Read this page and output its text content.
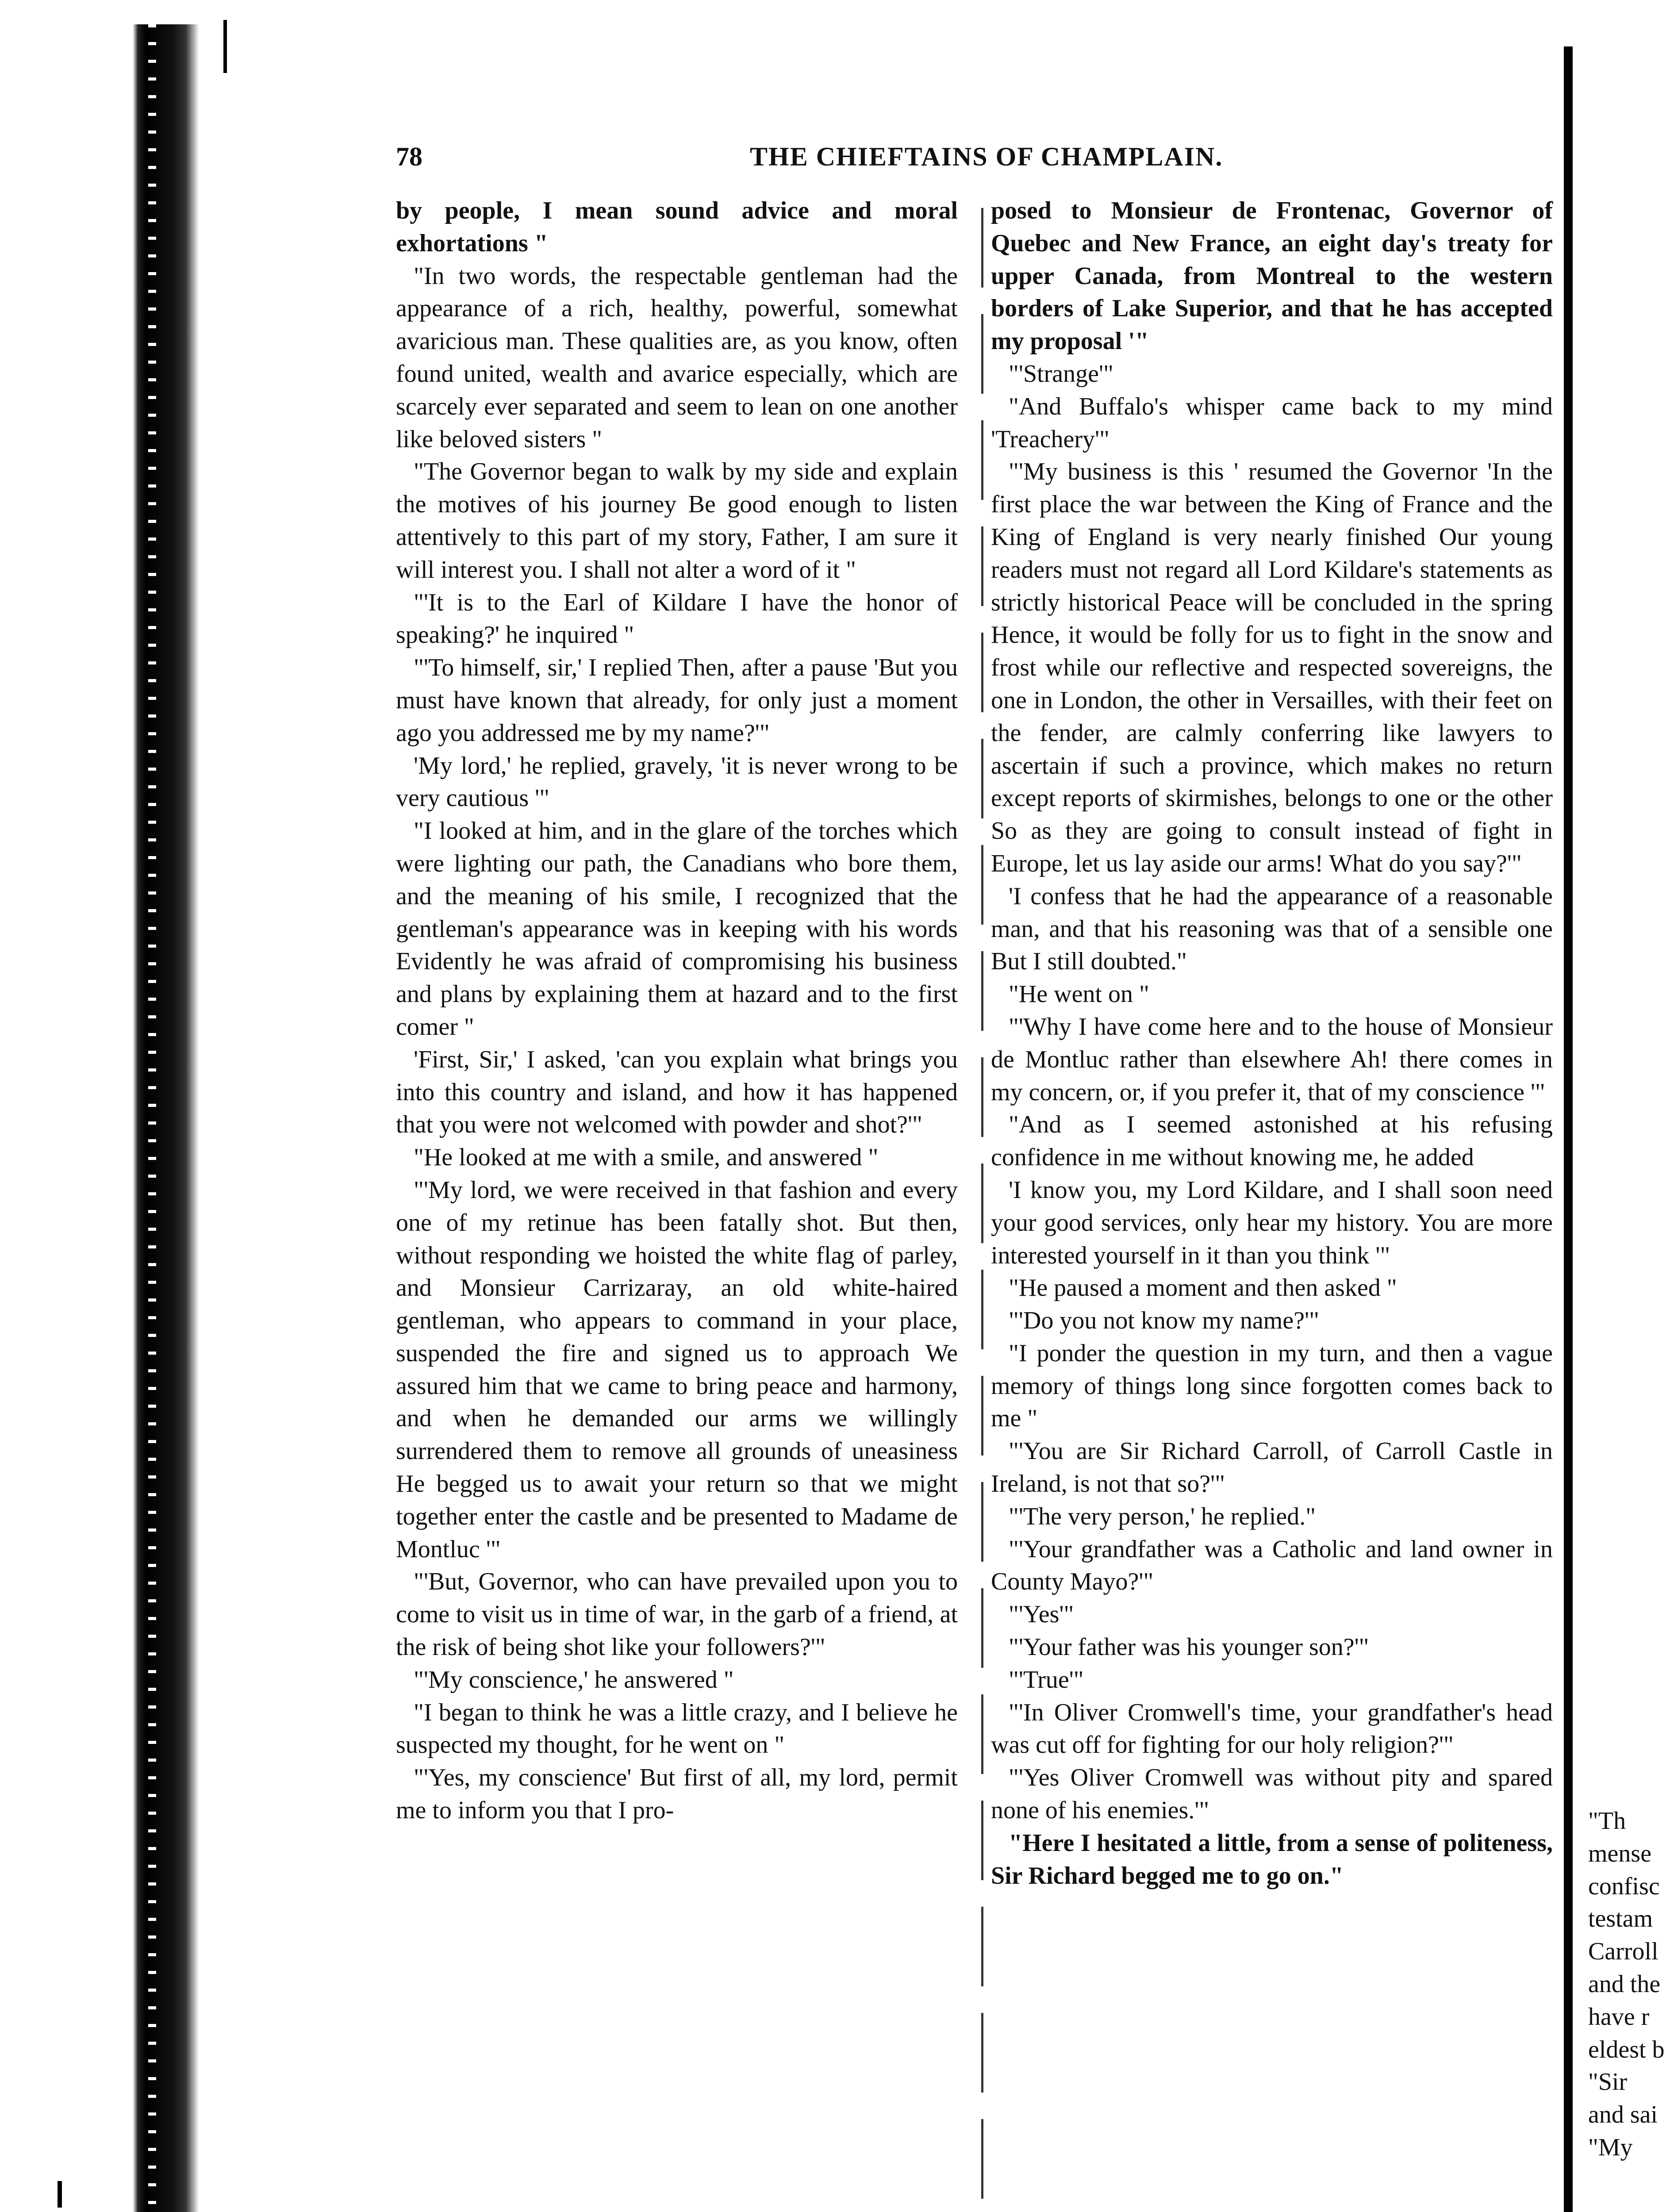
78	THE CHIEFTAINS OF CHAMPLAIN.

by people, I mean sound advice and moral exhortations "

"In two words, the respectable gentleman had the appearance of a rich, healthy, powerful, somewhat avaricious man. These qualities are, as you know, often found united, wealth and avarice especially, which are scarcely ever separated and seem to lean on one another like beloved sisters "

"The Governor began to walk by my side and explain the motives of his journey Be good enough to listen attentively to this part of my story, Father, I am sure it will interest you. I shall not alter a word of it "

"'It is to the Earl of Kildare I have the honor of speaking?' he inquired "

"'To himself, sir,' I replied Then, after a pause 'But you must have known that already, for only just a moment ago you addressed me by my name?'"

'My lord,' he replied, gravely, 'it is never wrong to be very cautious '"

"I looked at him, and in the glare of the torches which were lighting our path, the Canadians who bore them, and the meaning of his smile, I recognized that the gentleman's appearance was in keeping with his words Evidently he was afraid of compromising his business and plans by explaining them at hazard and to the first comer "

'First, Sir,' I asked, 'can you explain what brings you into this country and island, and how it has happened that you were not welcomed with powder and shot?'"

"He looked at me with a smile, and answered "

"'My lord, we were received in that fashion and every one of my retinue has been fatally shot. But then, without responding we hoisted the white flag of parley, and Monsieur Carrizaray, an old white-haired gentleman, who appears to command in your place, suspended the fire and signed us to approach We assured him that we came to bring peace and harmony, and when he demanded our arms we willingly surrendered them to remove all grounds of uneasiness He begged us to await your return so that we might together enter the castle and be presented to Madame de Montluc '"

"'But, Governor, who can have prevailed upon you to come to visit us in time of war, in the garb of a friend, at the risk of being shot like your followers?'"

"'My conscience,' he answered "

"I began to think he was a little crazy, and I believe he suspected my thought, for he went on "

"'Yes, my conscience' But first of all, my lord, permit me to inform you that I pro-

posed to Monsieur de Frontenac, Governor of Quebec and New France, an eight day's treaty for upper Canada, from Montreal to the western borders of Lake Superior, and that he has accepted my proposal '"

"'Strange'"

"And Buffalo's whisper came back to my mind 'Treachery'"

"'My business is this ' resumed the Governor 'In the first place the war between the King of France and the King of England is very nearly finished Our young readers must not regard all Lord Kildare's statements as strictly historical Peace will be concluded in the spring Hence, it would be folly for us to fight in the snow and frost while our reflective and respected sovereigns, the one in London, the other in Versailles, with their feet on the fender, are calmly conferring like lawyers to ascertain if such a province, which makes no return except reports of skirmishes, belongs to one or the other So as they are going to consult instead of fight in Europe, let us lay aside our arms! What do you say?'"

'I confess that he had the appearance of a reasonable man, and that his reasoning was that of a sensible one But I still doubted."

"He went on "

"'Why I have come here and to the house of Monsieur de Montluc rather than elsewhere Ah! there comes in my concern, or, if you prefer it, that of my conscience '"

"And as I seemed astonished at his refusing confidence in me without knowing me, he added

'I know you, my Lord Kildare, and I shall soon need your good services, only hear my history. You are more interested yourself in it than you think '"

"He paused a moment and then asked "

"'Do you not know my name?'"

"I ponder the question in my turn, and then a vague memory of things long since forgotten comes back to me "

"'You are Sir Richard Carroll, of Carroll Castle in Ireland, is not that so?'"

"'The very person,' he replied."

"'Your grandfather was a Catholic and land owner in County Mayo?'"

"'Yes'"

"'Your father was his younger son?'"

"'True'"

"'In Oliver Cromwell's time, your grandfather's head was cut off for fighting for our holy religion?'"

"'Yes Oliver Cromwell was without pity and spared none of his enemies.'"

"Here I hesitated a little, from a sense of politeness, Sir Richard begged me to go on."

"Th
mense
confisc
testam
Carroll
and the
have r
eldest b
"Sir
and sai
"My
